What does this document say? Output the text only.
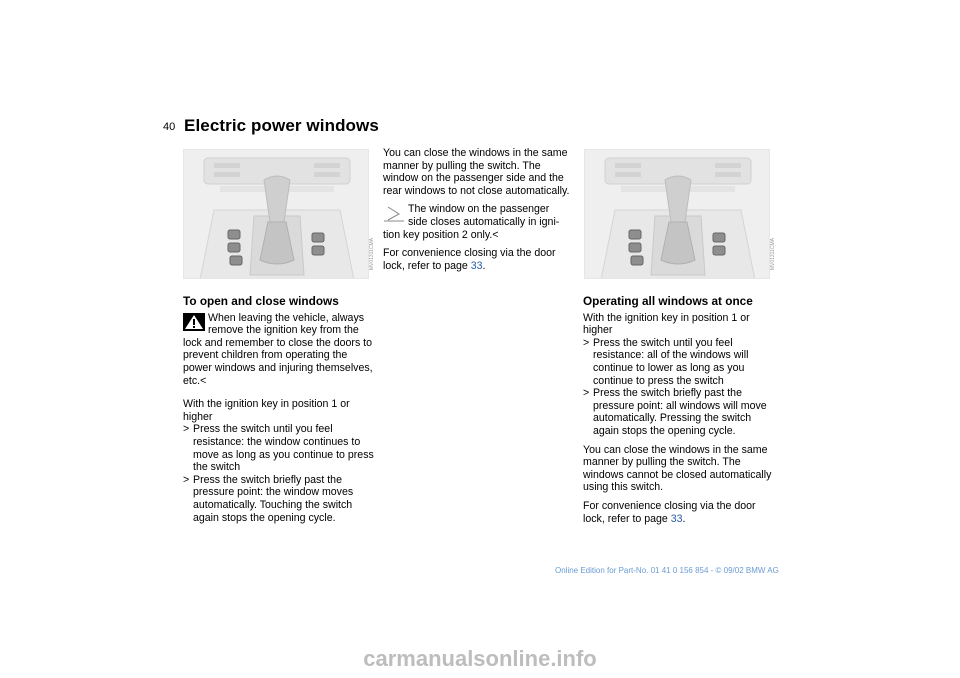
40 Electric power windows
MV01311CMA	MV01311CMA
To open and close windows

When leaving the vehicle, always

remove the ignition key from the

lock and remember to close the doors to prevent children from operating the power windows and injuring themselves, etc.<

With the ignition key in position 1 or higher

> Press the switch until you feel resistance: the window continues to move as long as you continue to press the switch

> Press the switch briefly past the pressure point: the window moves automatically. Touching the switch again stops the opening cycle.

You can close the windows in the same manner by pulling the switch. The window on the passenger side and the rear windows to not close automatically.

The window on the passenger

side closes automatically in igni-

tion key position 2 only.<

For convenience closing via the door lock, refer to page 33.

Operating all windows at once

With the ignition key in position 1 or higher

> Press the switch until you feel resistance: all of the windows will continue to lower as long as you continue to press the switch

> Press the switch briefly past the pressure point: all windows will move automatically. Pressing the switch again stops the opening cycle.

You can close the windows in the same manner by pulling the switch. The windows cannot be closed automatically using this switch.

For convenience closing via the door lock, refer to page 33.

Online Edition for Part-No. 01 41 0 156 854 - © 09/02 BMW AG
carmanualsonline.info
